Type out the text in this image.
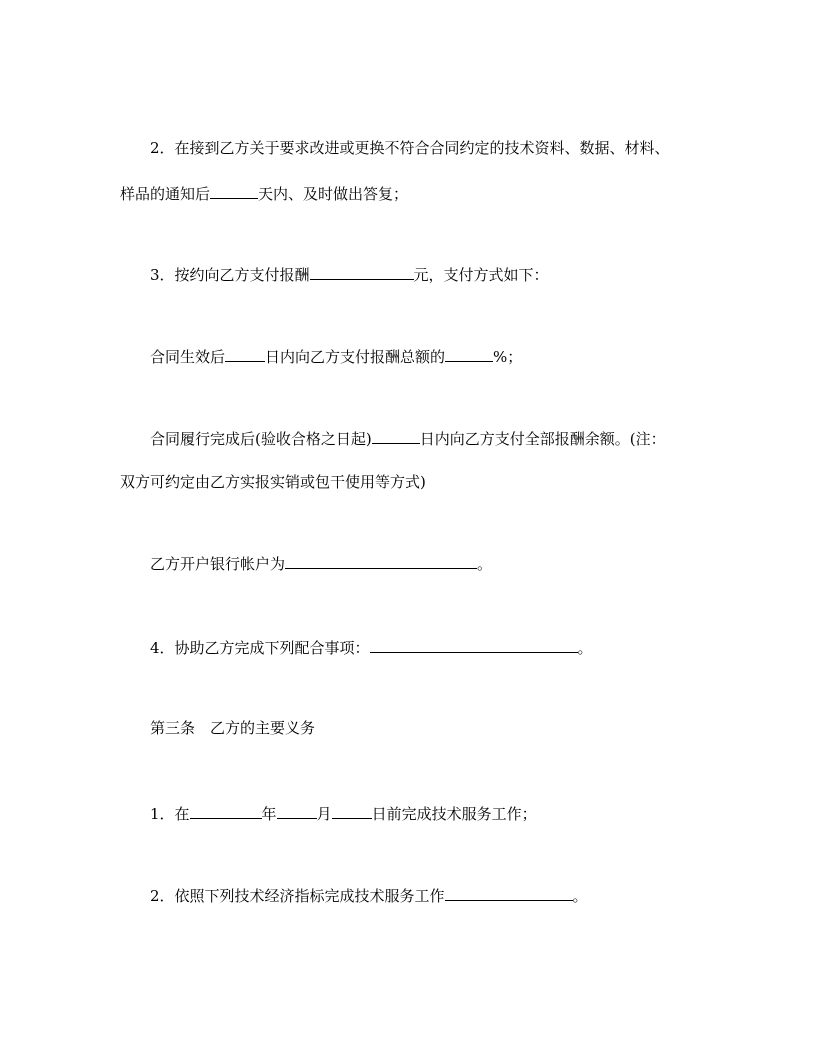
2．在接到乙方关于要求改进或更换不符合合同约定的技术资料、数据、材料、
样品的通知后	天内、及时做出答复；
3．按约向乙方支付报酬	元，支付方式如下：
合同生效后	日内向乙方支付报酬总额的	%；
合同履行完成后(验收合格之日起)	日内向乙方支付全部报酬余额。(注：
双方可约定由乙方实报实销或包干使用等方式)
乙方开户银行帐户为	。
4．协助乙方完成下列配合事项：	。
第三条　乙方的主要义务
1．在	年	月	日前完成技术服务工作；
2．依照下列技术经济指标完成技术服务工作	。
